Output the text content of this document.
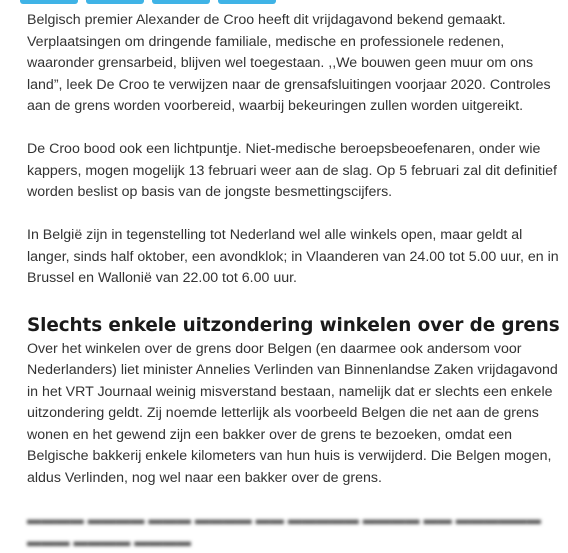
Belgisch premier Alexander de Croo heeft dit vrijdagavond bekend gemaakt. Verplaatsingen om dringende familiale, medische en professionele redenen, waaronder grensarbeid, blijven wel toegestaan. ,,We bouwen geen muur om ons land”, leek De Croo te verwijzen naar de grensafsluitingen voorjaar 2020. Controles aan de grens worden voorbereid, waarbij bekeuringen zullen worden uitgereikt.

De Croo bood ook een lichtpuntje. Niet-medische beroepsbeoefenaren, onder wie kappers, mogen mogelijk 13 februari weer aan de slag. Op 5 februari zal dit definitief worden beslist op basis van de jongste besmettingscijfers.

In België zijn in tegenstelling tot Nederland wel alle winkels open, maar geldt al langer, sinds half oktober, een avondklok; in Vlaanderen van 24.00 tot 5.00 uur, en in Brussel en Wallonië van 22.00 tot 6.00 uur.

Slechts enkele uitzondering winkelen over de grens

Over het winkelen over de grens door Belgen (en daarmee ook andersom voor Nederlanders) liet minister Annelies Verlinden van Binnenlandse Zaken vrijdagavond in het VRT Journaal weinig misverstand bestaan, namelijk dat er slechts een enkele uitzondering geldt. Zij noemde letterlijk als voorbeeld Belgen die net aan de grens wonen en het gewend zijn een bakker over de grens te bezoeken, omdat een Belgische bakkerij enkele kilometers van hun huis is verwijderd. Die Belgen mogen, aldus Verlinden, nog wel naar een bakker over de grens.

▬▬▬▬ ▬▬▬▬ ▬▬▬ ▬▬▬▬ ▬▬ ▬▬▬▬▬ ▬▬▬▬ ▬▬ ▬▬▬▬▬▬ ▬▬▬ ▬▬▬▬ ▬▬▬▬
